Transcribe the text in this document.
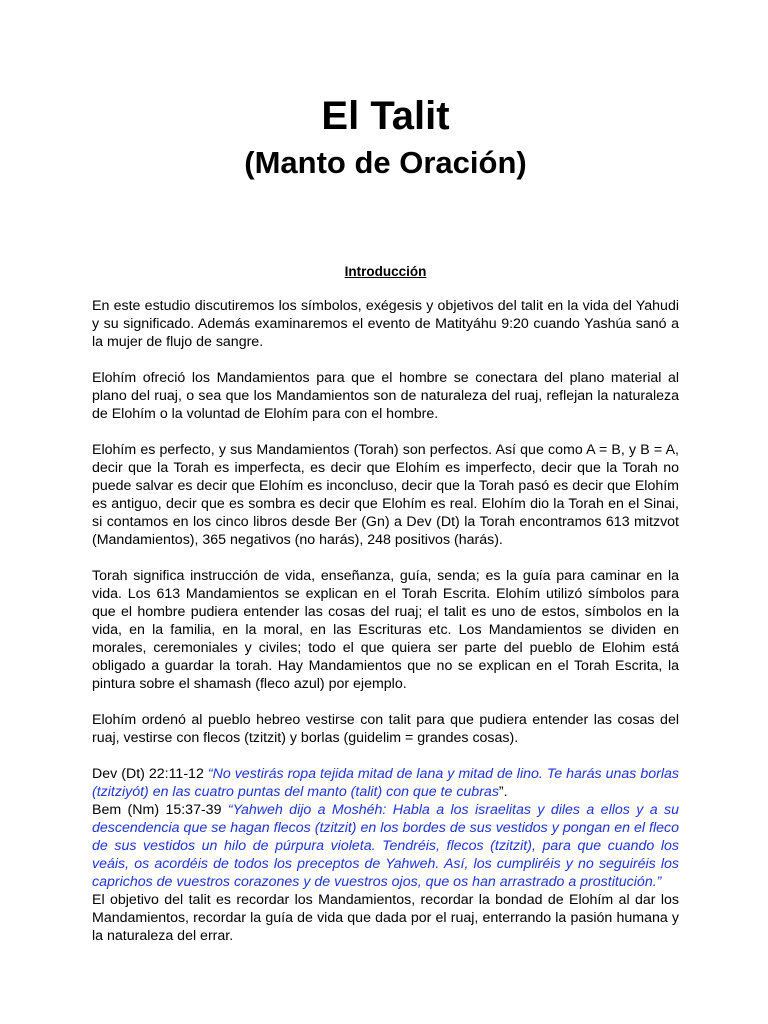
El Talit
(Manto de Oración)
Introducción

En este estudio discutiremos los símbolos, exégesis y objetivos del talit en la vida del Yahudi y su significado. Además examinaremos el evento de Matityáhu 9:20 cuando Yashúa sanó a la mujer de flujo de sangre.

Elohím ofreció los Mandamientos para que el hombre se conectara del plano material al plano del ruaj, o sea que los Mandamientos son de naturaleza del ruaj, reflejan la naturaleza de Elohím o la voluntad de Elohím para con el hombre.

Elohím es perfecto, y sus Mandamientos (Torah) son perfectos. Así que como A = B, y B = A, decir que la Torah es imperfecta, es decir que Elohím es imperfecto, decir que la Torah no puede salvar es decir que Elohím es inconcluso, decir que la Torah pasó es decir que Elohím es antiguo, decir que es sombra es decir que Elohím es real. Elohím dio la Torah en el Sinai, si contamos en los cinco libros desde Ber (Gn) a Dev (Dt) la Torah encontramos 613 mitzvot (Mandamientos), 365 negativos (no harás), 248 positivos (harás).

Torah significa instrucción de vida, enseñanza, guía, senda; es la guía para caminar en la vida. Los 613 Mandamientos se explican en el Torah Escrita. Elohím utilizó símbolos para que el hombre pudiera entender las cosas del ruaj; el talit es uno de estos, símbolos en la vida, en la familia, en la moral, en las Escrituras etc. Los Mandamientos se dividen en morales, ceremoniales y civiles; todo el que quiera ser parte del pueblo de Elohim está obligado a guardar la torah. Hay Mandamientos que no se explican en el Torah Escrita, la pintura sobre el shamash (fleco azul) por ejemplo.

Elohím ordenó al pueblo hebreo vestirse con talit para que pudiera entender las cosas del ruaj, vestirse con flecos (tzitzit) y borlas (guidelim = grandes cosas).

Dev (Dt) 22:11-12 “No vestirás ropa tejida mitad de lana y mitad de lino. Te harás unas borlas (tzitziyót) en las cuatro puntas del manto (talit) con que te cubras”.

Bem (Nm) 15:37-39 “Yahweh dijo a Moshéh: Habla a los israelitas y diles a ellos y a su descendencia que se hagan flecos (tzitzit) en los bordes de sus vestidos y pongan en el fleco de sus vestidos un hilo de púrpura violeta. Tendréis, flecos (tzitzit), para que cuando los veáis, os acordéis de todos los preceptos de Yahweh. Así, los cumpliréis y no seguiréis los caprichos de vuestros corazones y de vuestros ojos, que os han arrastrado a prostitución.”

El objetivo del talit es recordar los Mandamientos, recordar la bondad de Elohím al dar los Mandamientos, recordar la guía de vida que dada por el ruaj, enterrando la pasión humana y la naturaleza del errar.
